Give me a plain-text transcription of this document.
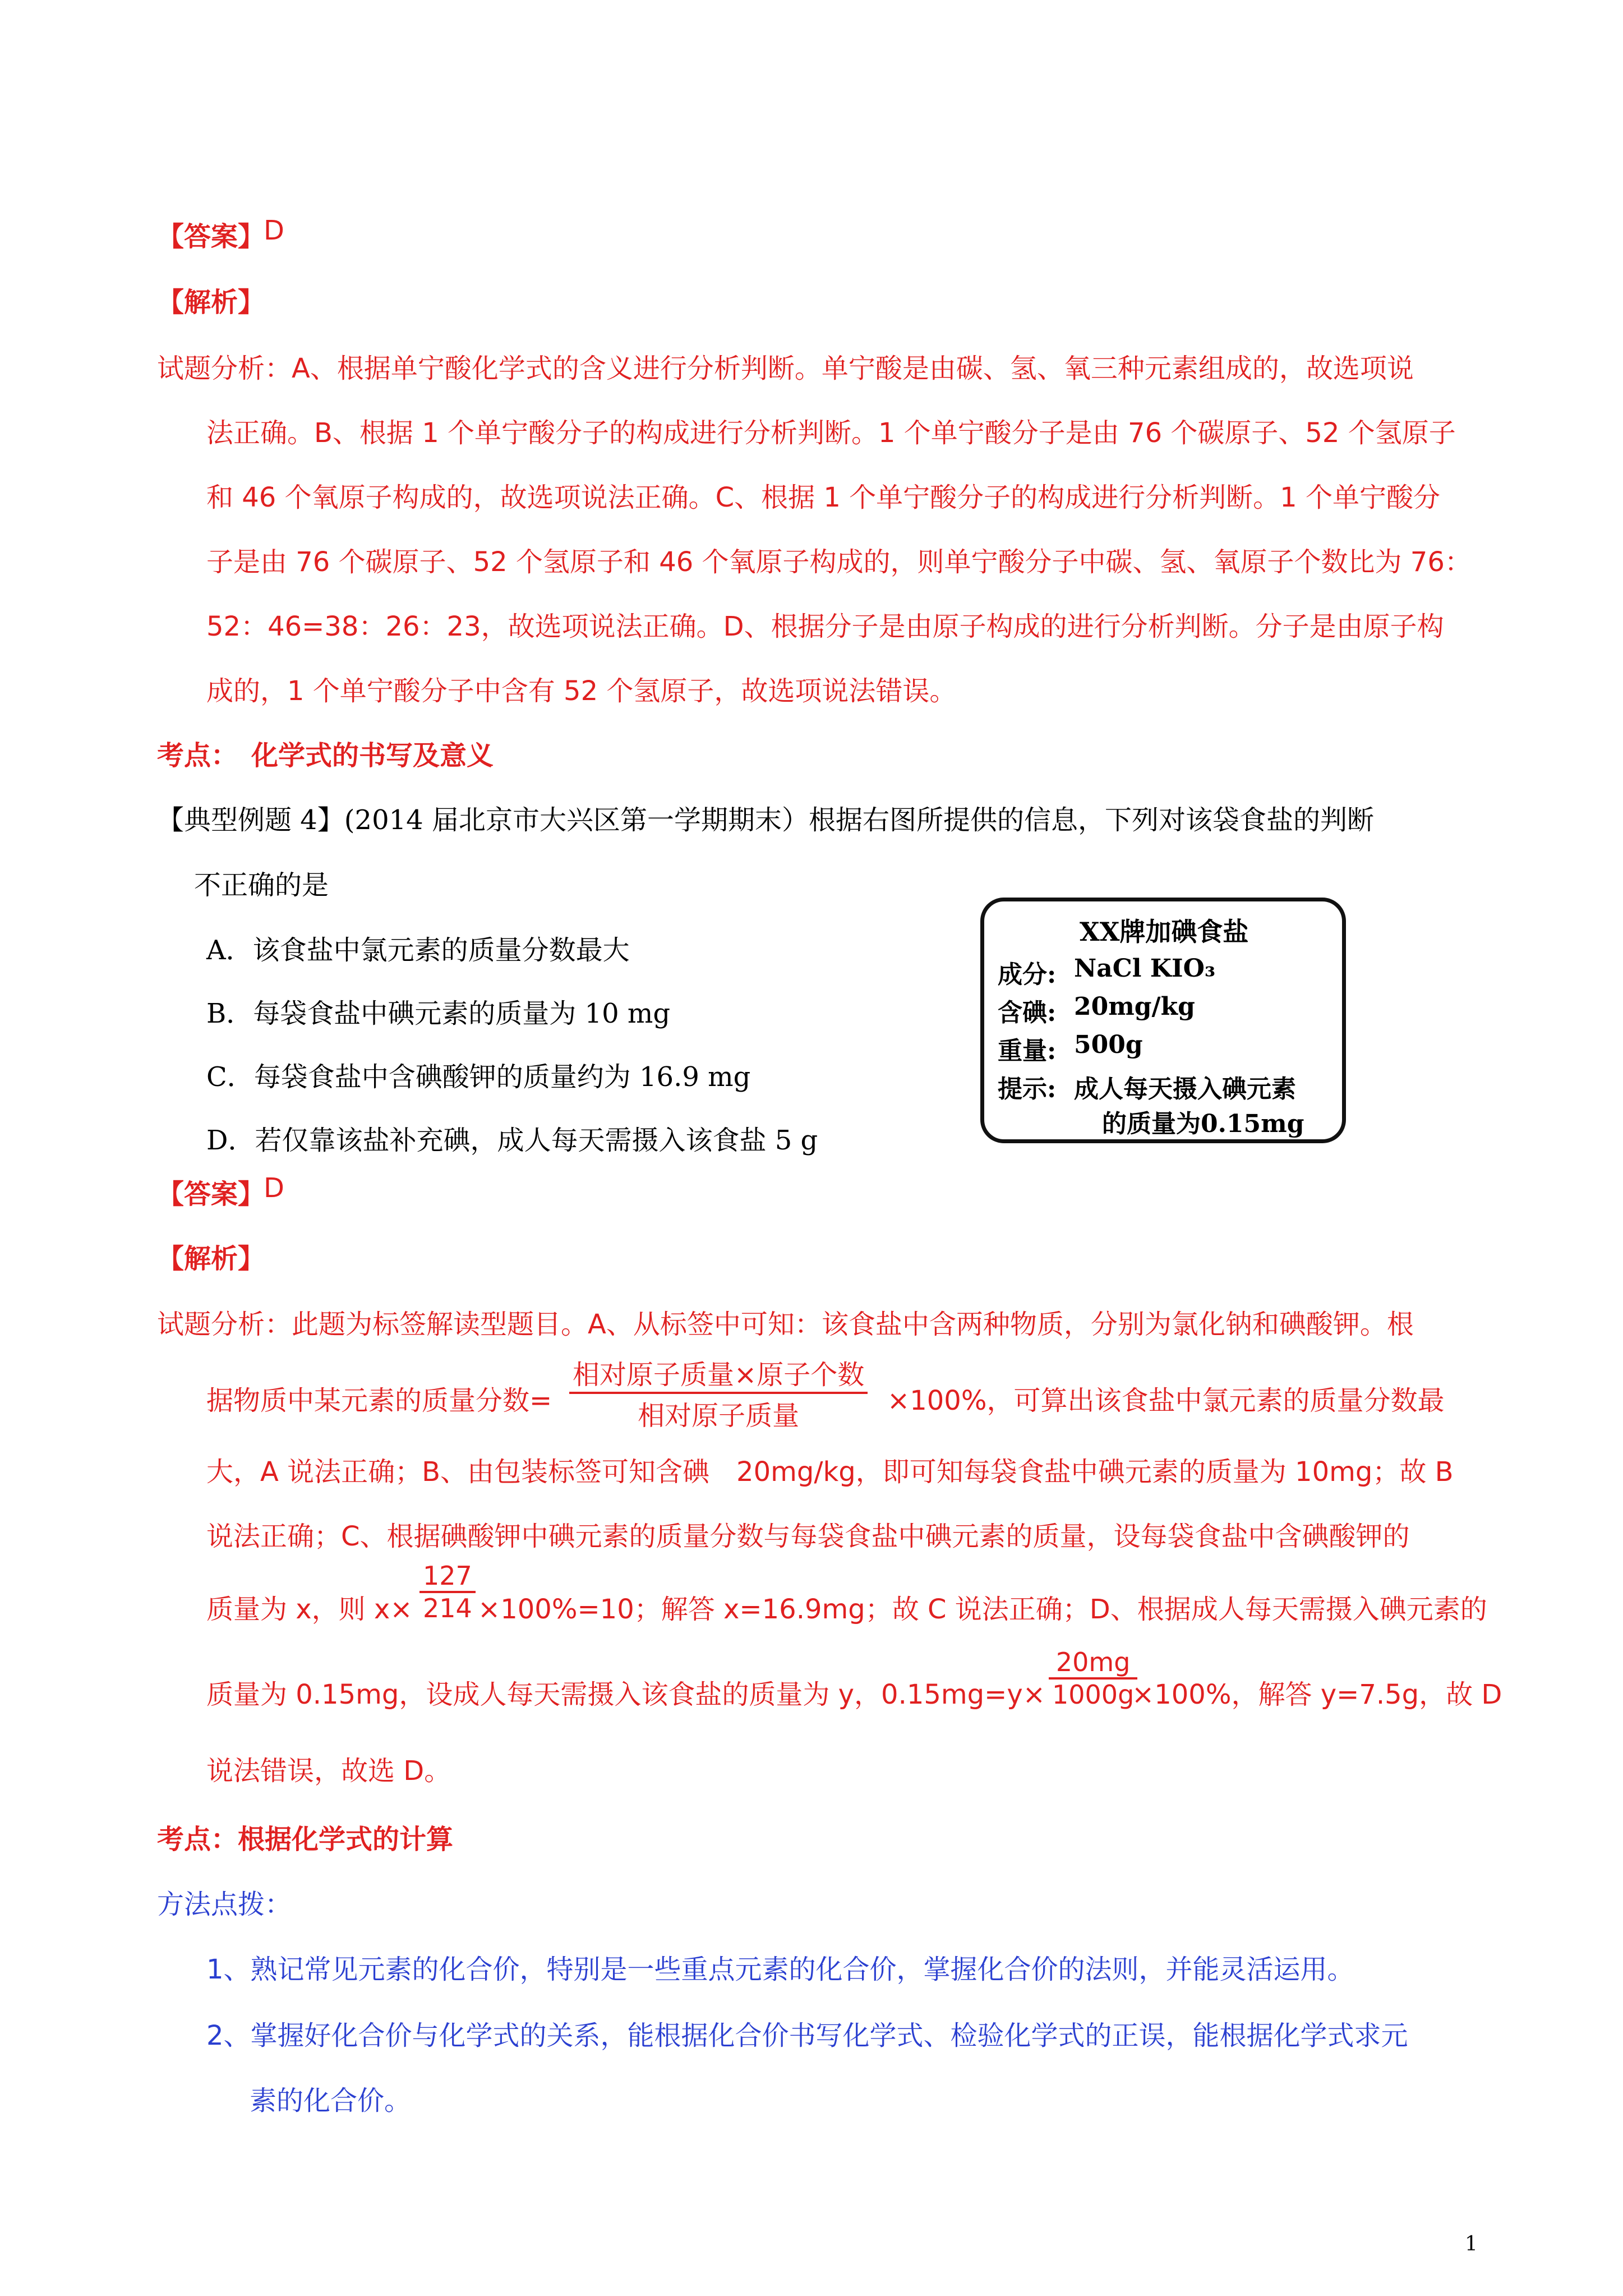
【答案】
D
【解析】
试题分析：A、根据单宁酸化学式的含义进行分析判断。单宁酸是由碳、氢、氧三种元素组成的，故选项说
法正确。B、根据 1 个单宁酸分子的构成进行分析判断。1 个单宁酸分子是由 76 个碳原子、52 个氢原子
和 46 个氧原子构成的，故选项说法正确。C、根据 1 个单宁酸分子的构成进行分析判断。1 个单宁酸分
子是由 76 个碳原子、52 个氢原子和 46 个氧原子构成的，则单宁酸分子中碳、氢、氧原子个数比为 76：
52：46=38：26：23，故选项说法正确。D、根据分子是由原子构成的进行分析判断。分子是由原子构
成的，1 个单宁酸分子中含有 52 个氢原子，故选项说法错误。
考点：　化学式的书写及意义
【典型例题 4】(2014 届北京市大兴区第一学期期末）根据右图所提供的信息，下列对该袋食盐的判断
不正确的是
A．该食盐中氯元素的质量分数最大
B．每袋食盐中碘元素的质量为 10 mg
C．每袋食盐中含碘酸钾的质量约为 16.9 mg
D．若仅靠该盐补充碘，成人每天需摄入该食盐 5 g
XX牌加碘食盐
成分: NaCl KIO₃
含碘: 20mg/kg
重量: 500g
提示: 成人每天摄入碘元素
的质量为0.15mg
【答案】
D
【解析】
试题分析：此题为标签解读型题目。A、从标签中可知：该食盐中含两种物质，分别为氯化钠和碘酸钾。根
据物质中某元素的质量分数=
相对原子质量×原子个数
相对原子质量	×100%，可算出该食盐中氯元素的质量分数最
大，A 说法正确；B、由包装标签可知含碘　20mg/kg，即可知每袋食盐中碘元素的质量为 10mg；故 B
说法正确；C、根据碘酸钾中碘元素的质量分数与每袋食盐中碘元素的质量，设每袋食盐中含碘酸钾的
质量为 x，则 $x\times \frac{127}{214} \times 100\%=10$；解答 x=16.9mg；故 C 说法正确；D、根据成人每天需摄入碘元素的
质量为 0.15mg，设成人每天需摄入该食盐的质量为 y，$0.15mg=y\times \frac{20mg}{1000g}$
×100%，解答 y=7.5g，故 D
说法错误，故选 D。
考点：根据化学式的计算
方法点拨：
1、熟记常见元素的化合价，特别是一些重点元素的化合价，掌握化合价的法则，并能灵活运用。
2、掌握好化合价与化学式的关系，能根据化合价书写化学式、检验化学式的正误，能根据化学式求元
素的化合价。
1
